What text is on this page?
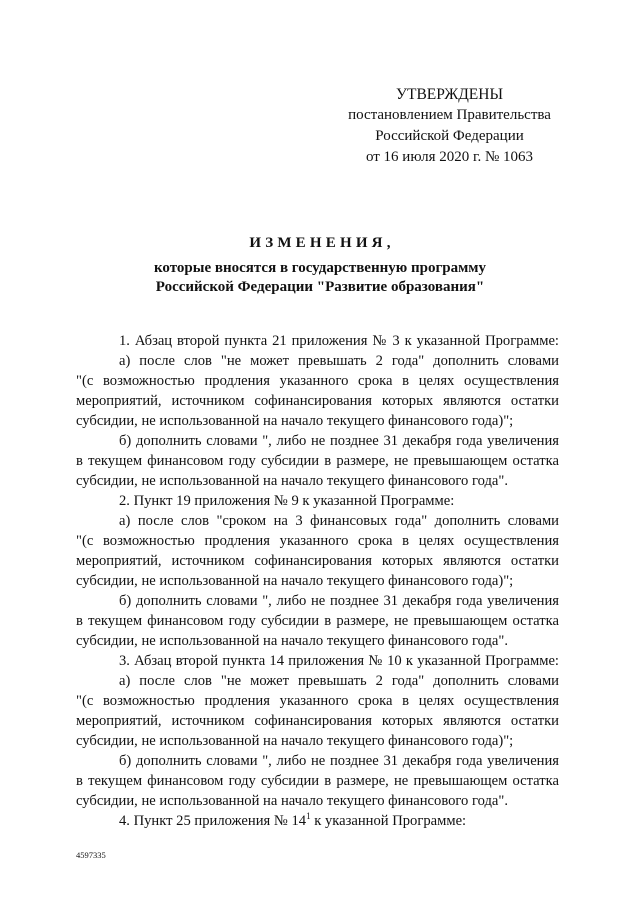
УТВЕРЖДЕНЫ
постановлением Правительства
Российской Федерации
от 16 июля 2020 г. № 1063
ИЗМЕНЕНИЯ,
которые вносятся в государственную программу
Российской Федерации "Развитие образования"
1. Абзац второй пункта 21 приложения № 3 к указанной Программе:
а) после слов "не может превышать 2 года" дополнить словами
"(с возможностью продления указанного срока в целях осуществления
мероприятий, источником софинансирования которых являются остатки
субсидии, не использованной на начало текущего финансового года)";
б) дополнить словами ", либо не позднее 31 декабря года увеличения
в текущем финансовом году субсидии в размере, не превышающем остатка
субсидии, не использованной на начало текущего финансового года".
2. Пункт 19 приложения № 9 к указанной Программе:
а) после слов "сроком на 3 финансовых года" дополнить словами
"(с возможностью продления указанного срока в целях осуществления
мероприятий, источником софинансирования которых являются остатки
субсидии, не использованной на начало текущего финансового года)";
б) дополнить словами ", либо не позднее 31 декабря года увеличения
в текущем финансовом году субсидии в размере, не превышающем остатка
субсидии, не использованной на начало текущего финансового года".
3. Абзац второй пункта 14 приложения № 10 к указанной Программе:
а) после слов "не может превышать 2 года" дополнить словами
"(с возможностью продления указанного срока в целях осуществления
мероприятий, источником софинансирования которых являются остатки
субсидии, не использованной на начало текущего финансового года)";
б) дополнить словами ", либо не позднее 31 декабря года увеличения
в текущем финансовом году субсидии в размере, не превышающем остатка
субсидии, не использованной на начало текущего финансового года".
4. Пункт 25 приложения № $14^1$ к указанной Программе:
4597335
